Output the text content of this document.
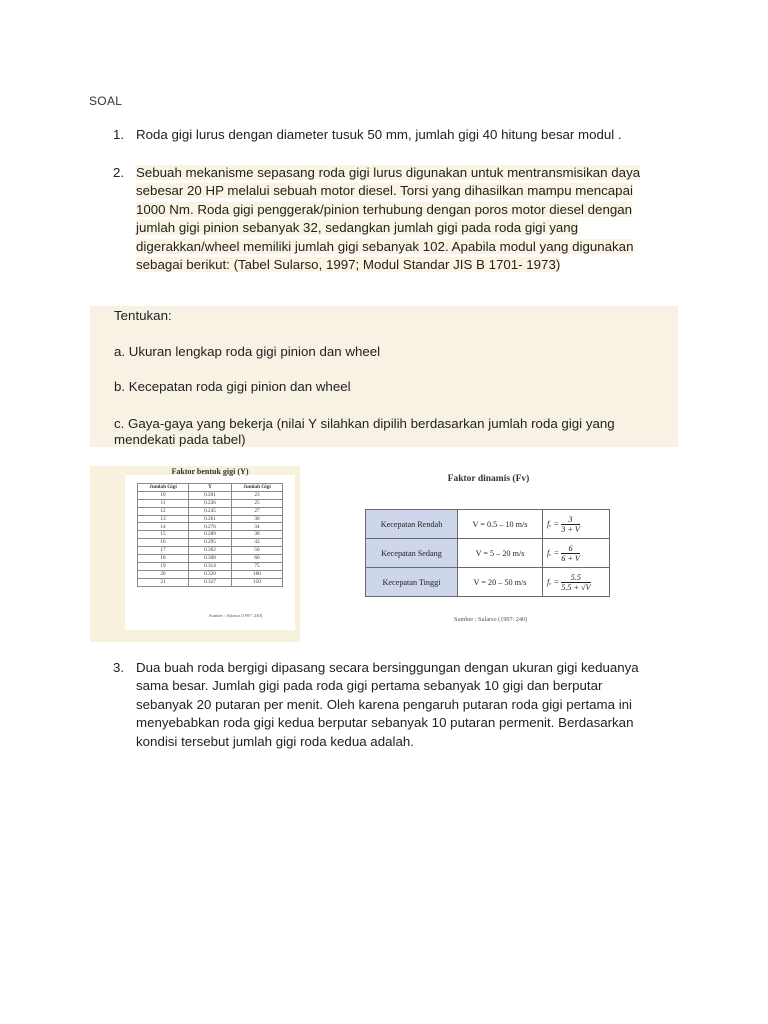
SOAL
1. Roda gigi lurus dengan diameter tusuk 50 mm, jumlah gigi 40 hitung besar modul .
2. Sebuah mekanisme sepasang roda gigi lurus digunakan untuk mentransmisikan daya
sebesar 20 HP melalui sebuah motor diesel. Torsi yang dihasilkan mampu mencapai
1000 Nm. Roda gigi penggerak/pinion terhubung dengan poros motor diesel dengan
jumlah gigi pinion sebanyak 32, sedangkan jumlah gigi pada roda gigi yang
digerakkan/wheel memiliki jumlah gigi sebanyak 102. Apabila modul yang digunakan
sebagai berikut: (Tabel Sularso, 1997; Modul Standar JIS B 1701- 1973)
Tentukan:
a. Ukuran lengkap roda gigi pinion dan wheel
b. Kecepatan roda gigi pinion dan wheel
c. Gaya-gaya yang bekerja (nilai Y silahkan dipilih berdasarkan jumlah roda gigi yang mendekati pada tabel)
Faktor bentuk gigi (Y)
Jumlah Gigi	Y	Jumlah Gigi
10	0.201	23
11	0.226	25
12	0.245	27
13	0.261	30
14	0.276	34
15	0.289	38
16	0.295	43
17	0.302	50
18	0.308	60
19	0.314	75
20	0.320	100
21	0.327	150
Sumber : Sularso (1997: 240)
Faktor dinamis (Fv)
Kecepatan Rendah	V = 0.5 – 10 m/s	fᵥ = $\frac{3}{3 + V}$

Kecepatan Sedang	V = 5 – 20 m/s	fᵥ = $\frac{6}{6 + V}$

Kecepatan Tinggi	V = 20 – 50 m/s	fᵥ = $\frac{5.5}{5.5 + √V}$
Sumber : Sularso (1997: 240)
3. Dua buah roda bergigi dipasang secara bersinggungan dengan ukuran gigi keduanya
sama besar. Jumlah gigi pada roda gigi pertama sebanyak 10 gigi dan berputar
sebanyak 20 putaran per menit. Oleh karena pengaruh putaran roda gigi pertama ini
menyebabkan roda gigi kedua berputar sebanyak 10 putaran permenit. Berdasarkan
kondisi tersebut jumlah gigi roda kedua adalah.
